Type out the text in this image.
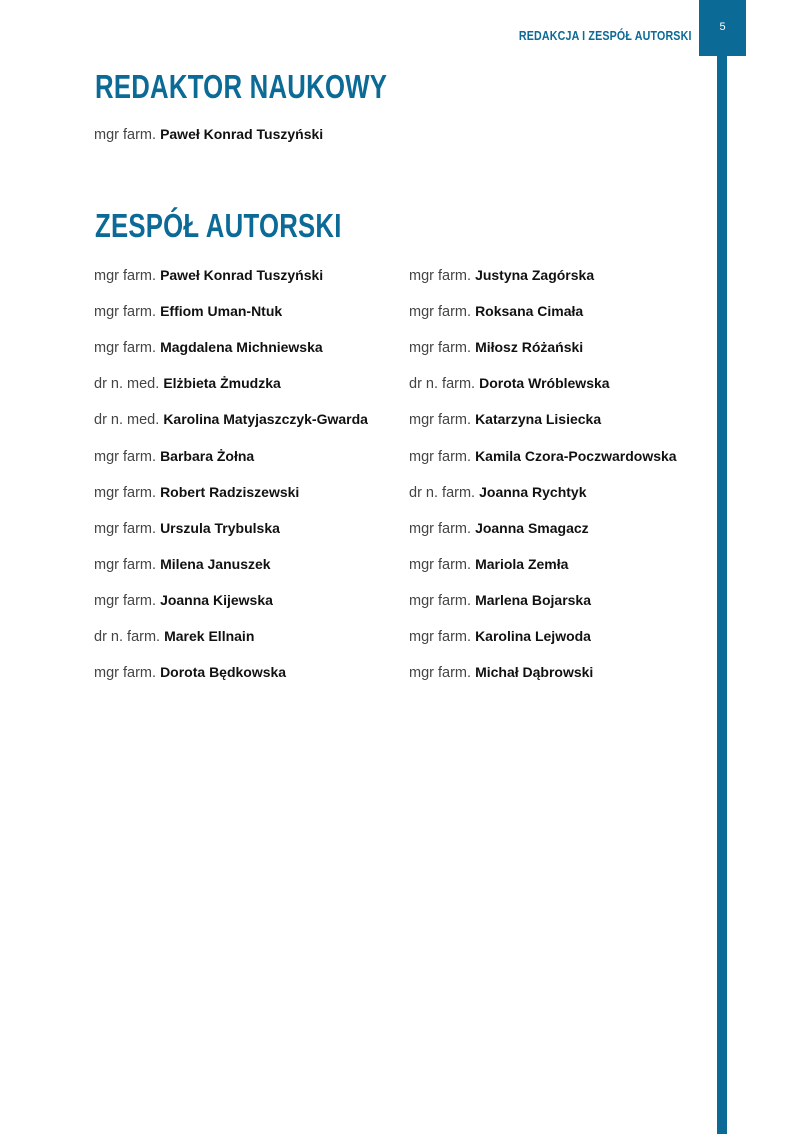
5
REDAKCJA I ZESPÓŁ AUTORSKI
REDAKTOR NAUKOWY
mgr farm. Paweł Konrad Tuszyński
ZESPÓŁ AUTORSKI
mgr farm. Paweł Konrad Tuszyński
mgr farm. Effiom Uman-Ntuk
mgr farm. Magdalena Michniewska
dr n. med. Elżbieta Żmudzka
dr n. med. Karolina Matyjaszczyk-Gwarda
mgr farm. Barbara Żołna
mgr farm. Robert Radziszewski
mgr farm. Urszula Trybulska
mgr farm. Milena Januszek
mgr farm. Joanna Kijewska
dr n. farm. Marek Ellnain
mgr farm. Dorota Będkowska
mgr farm. Justyna Zagórska
mgr farm. Roksana Cimała
mgr farm. Miłosz Różański
dr n. farm. Dorota Wróblewska
mgr farm. Katarzyna Lisiecka
mgr farm. Kamila Czora-Poczwardowska
dr n. farm. Joanna Rychtyk
mgr farm. Joanna Smagacz
mgr farm. Mariola Zemła
mgr farm. Marlena Bojarska
mgr farm. Karolina Lejwoda
mgr farm. Michał Dąbrowski
